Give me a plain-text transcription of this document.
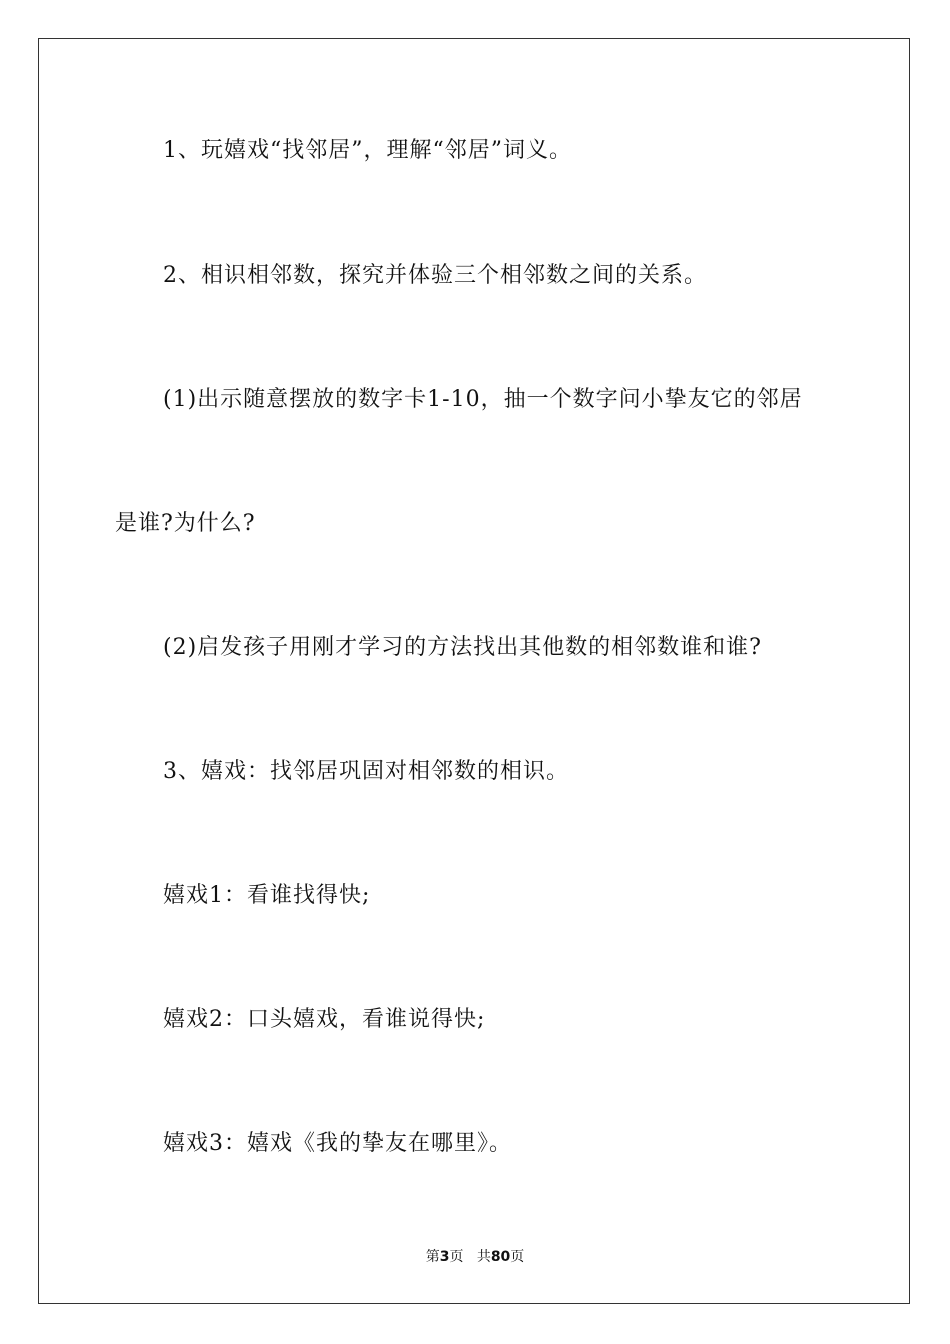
1、玩嬉戏“找邻居”，理解“邻居”词义。
2、相识相邻数，探究并体验三个相邻数之间的关系。
(1)出示随意摆放的数字卡1-10，抽一个数字问小挚友它的邻居
是谁?为什么?
(2)启发孩子用刚才学习的方法找出其他数的相邻数谁和谁?
3、嬉戏：找邻居巩固对相邻数的相识。
嬉戏1：看谁找得快;
嬉戏2：口头嬉戏，看谁说得快;
嬉戏3：嬉戏《我的挚友在哪里》。
第3页 共80页
